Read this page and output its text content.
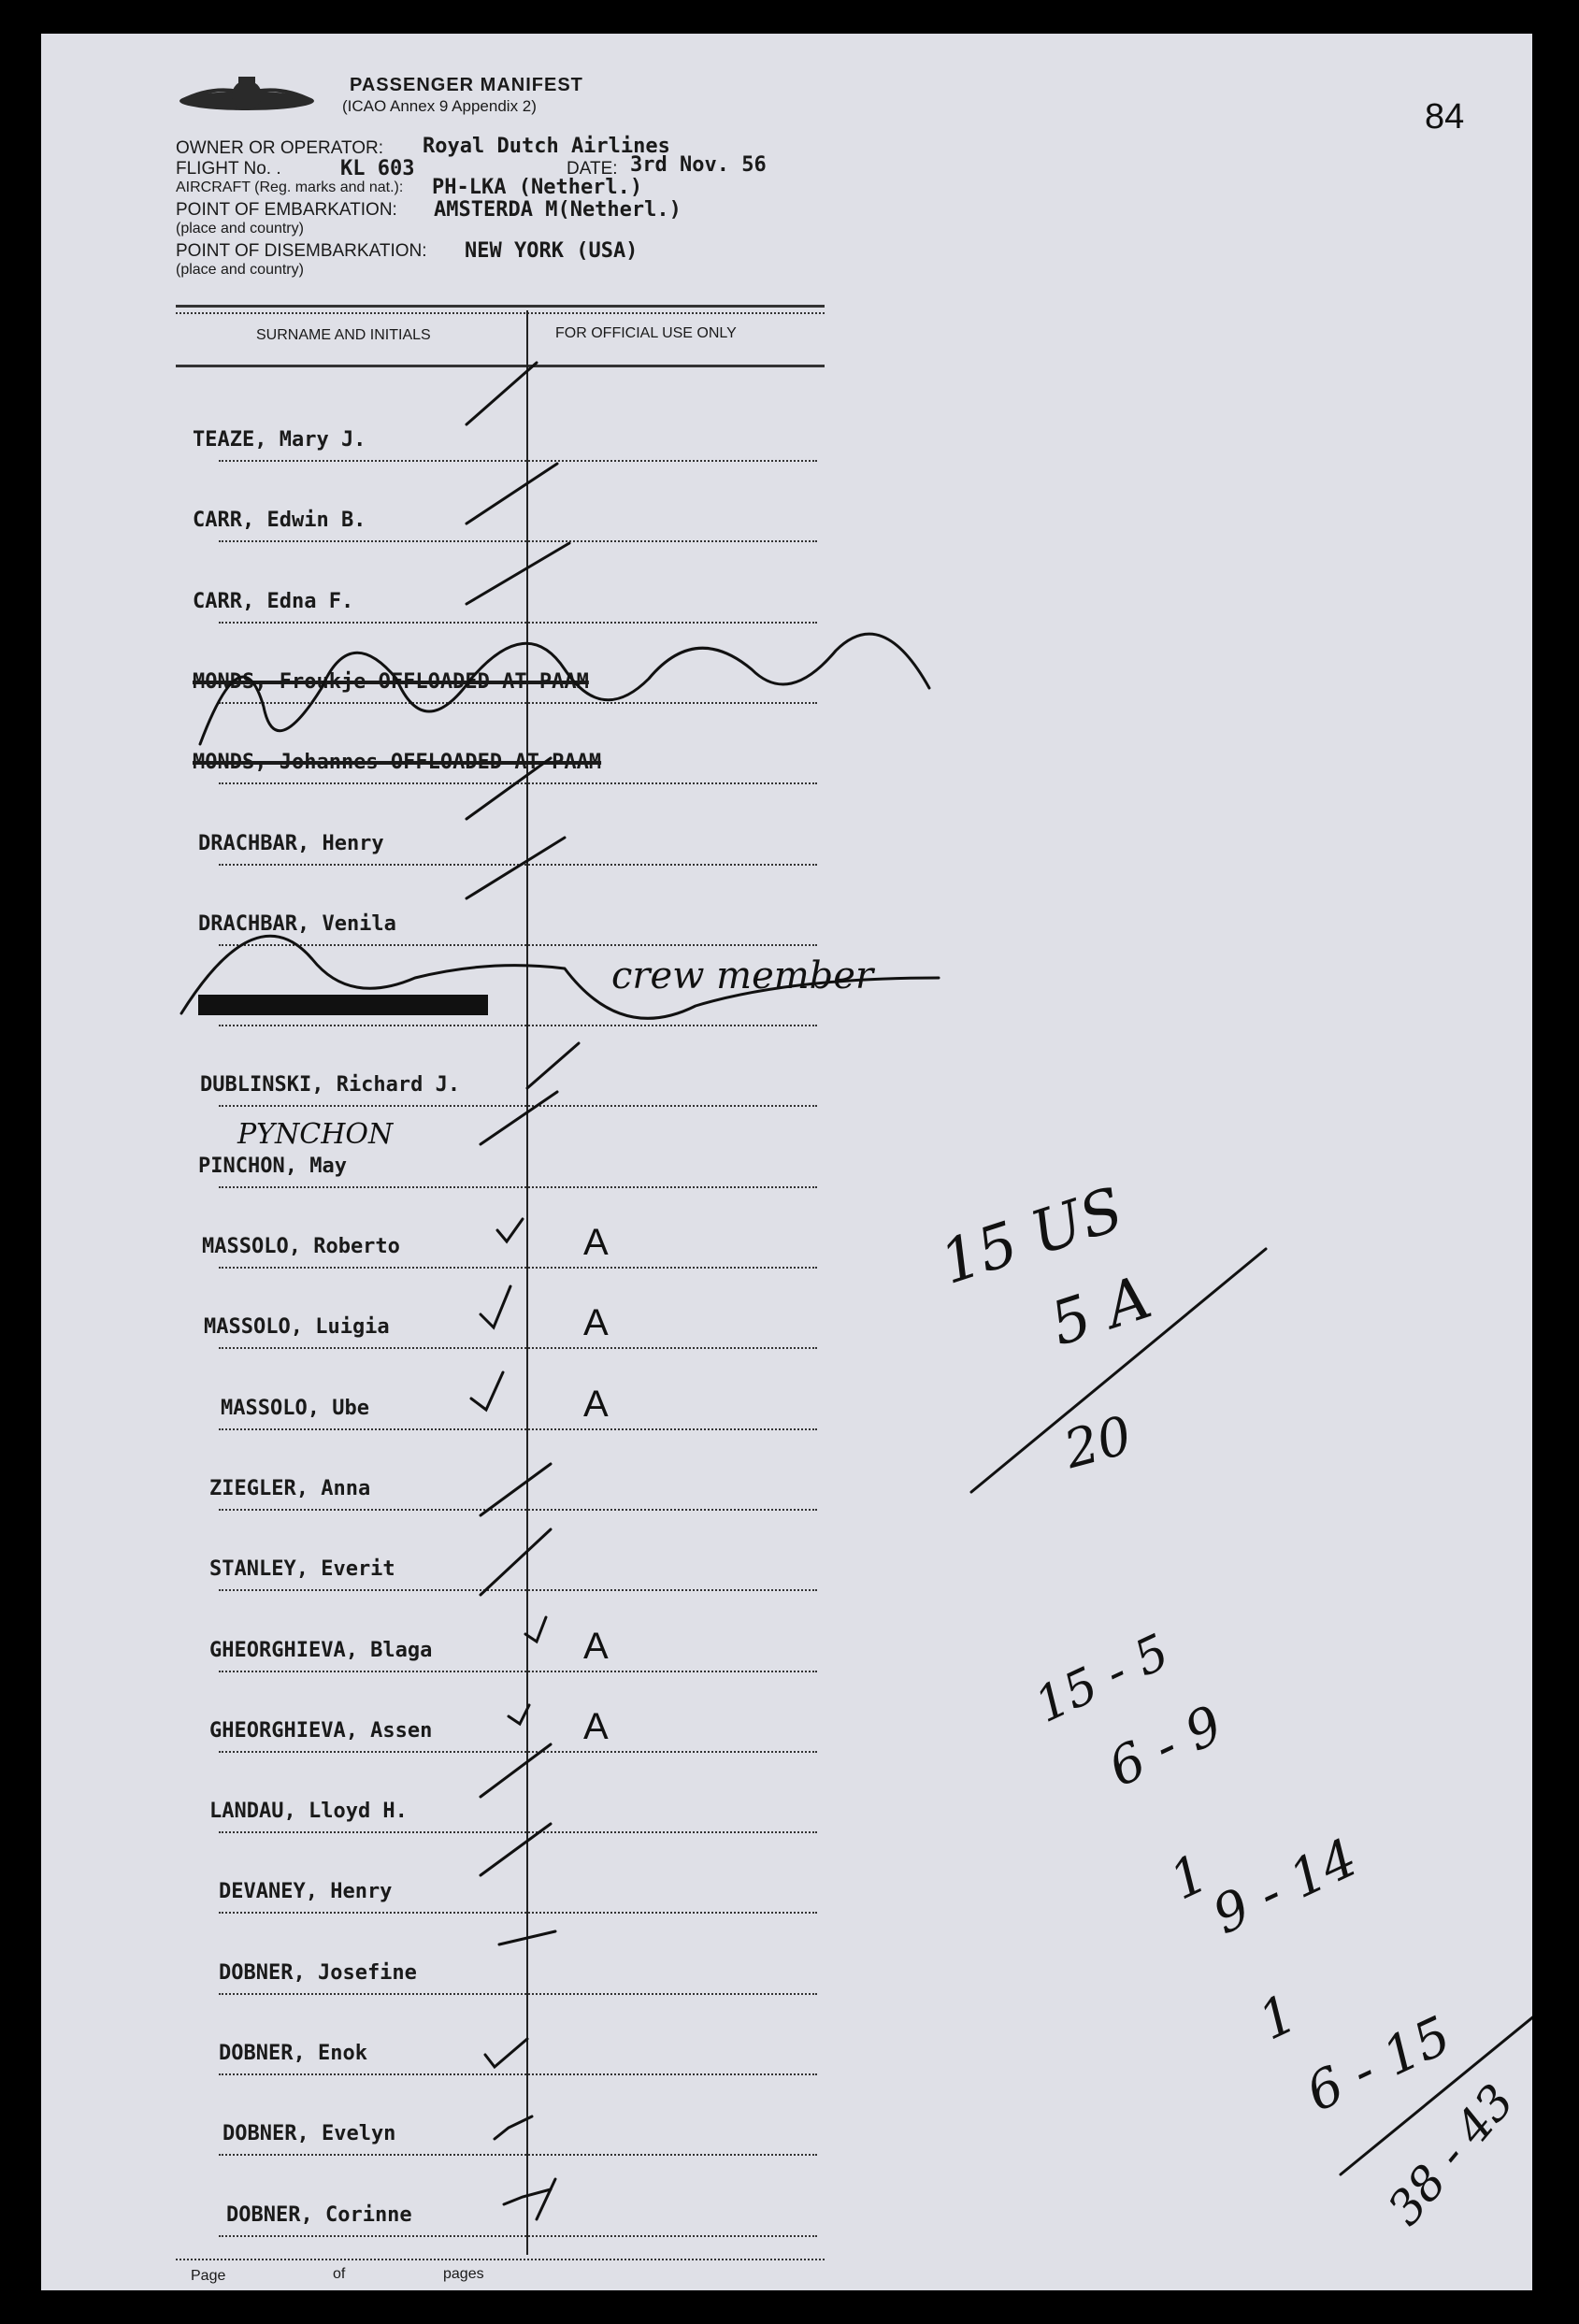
84
PASSENGER MANIFEST
(ICAO Annex 9 Appendix 2)
OWNER OR OPERATOR: Royal Dutch Airlines
FLIGHT No. .	KL 603	DATE: 3rd Nov. 56
AIRCRAFT (Reg. marks and nat.): PH-LKA (Netherl.)
POINT OF EMBARKATION: AMSTERDA M(Netherl.)
(place and country)
POINT OF DISEMBARKATION: NEW YORK (USA)
(place and country)
SURNAME AND INITIALS	FOR OFFICIAL USE ONLY
TEAZE, Mary J.
CARR, Edwin B.
CARR, Edna F.
MONDS, Froukje OFFLOADED AT PAAM
MONDS, Johannes OFFLOADED AT PAAM
DRACHBAR, Henry
DRACHBAR, Venila
DUBLINSKI, Richard J.
PINCHON, May
MASSOLO, Roberto	A
MASSOLO, Luigia	A
MASSOLO, Ube	A
ZIEGLER, Anna
STANLEY, Everit
GHEORGHIEVA, Blaga	A
GHEORGHIEVA, Assen	A
LANDAU, Lloyd H.
DEVANEY, Henry
DOBNER, Josefine
DOBNER, Enok
DOBNER, Evelyn
DOBNER, Corinne
crew member
PYNCHON
15 US
5 A
20
15 - 5
6 - 9
1
9 - 14
1
6 - 15
38 - 43
Page	of	pages
